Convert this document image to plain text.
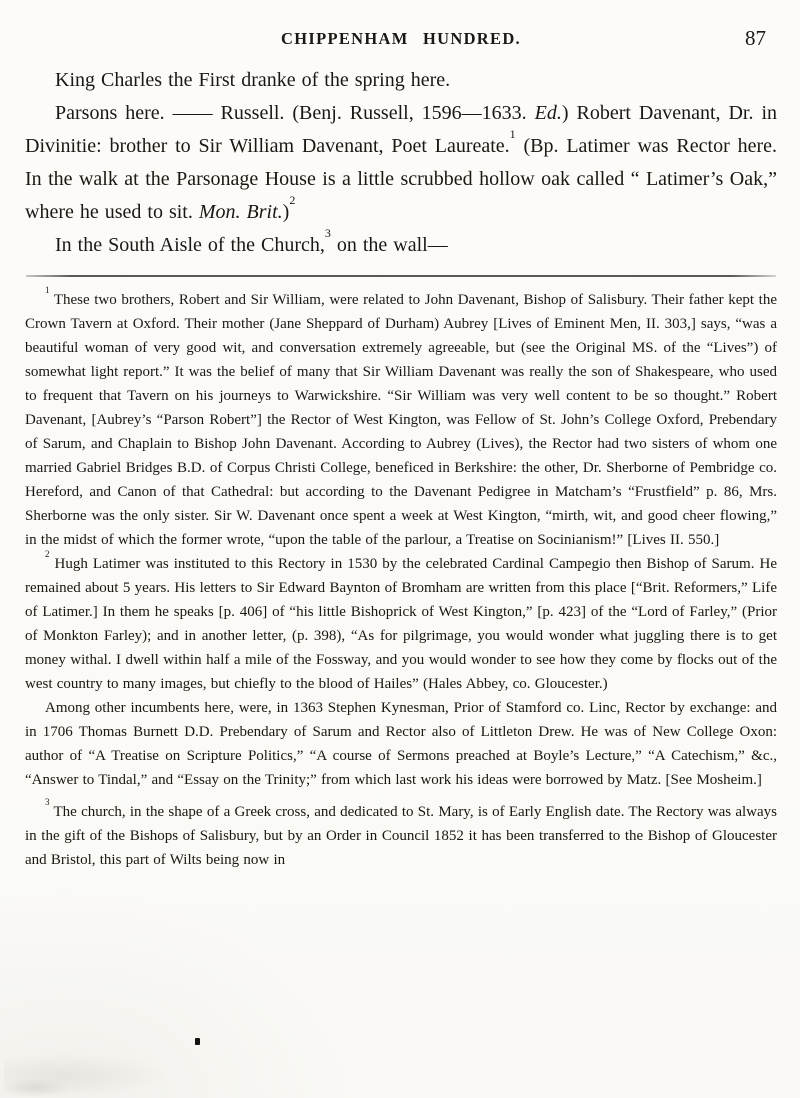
CHIPPENHAM HUNDRED.	87

King Charles the First dranke of the spring here.

Parsons here. —— Russell. (Benj. Russell, 1596—1633. Ed.) Robert Davenant, Dr. in Divinitie: brother to Sir William Davenant, Poet Laureate.$^1$ (Bp. Latimer was Rector here. In the walk at the Parsonage House is a little scrubbed hollow oak called “ Latimer’s Oak,” where he used to sit. Mon. Brit.)$^2$

In the South Aisle of the Church,$^3$ on the wall—

$^1$ These two brothers, Robert and Sir William, were related to John Davenant, Bishop of Salisbury. Their father kept the Crown Tavern at Oxford. Their mother (Jane Sheppard of Durham) Aubrey [Lives of Eminent Men, II. 303,] says, “was a beautiful woman of very good wit, and conversation extremely agreeable, but (see the Original MS. of the “Lives”) of somewhat light report.” It was the belief of many that Sir William Davenant was really the son of Shakespeare, who used to frequent that Tavern on his journeys to Warwickshire. “Sir William was very well content to be so thought.” Robert Davenant, [Aubrey’s “Parson Robert”] the Rector of West Kington, was Fellow of St. John’s College Oxford, Prebendary of Sarum, and Chaplain to Bishop John Davenant. According to Aubrey (Lives), the Rector had two sisters of whom one married Gabriel Bridges B.D. of Corpus Christi College, beneficed in Berkshire: the other, Dr. Sherborne of Pembridge co. Hereford, and Canon of that Cathedral: but according to the Davenant Pedigree in Matcham’s “Frustfield” p. 86, Mrs. Sherborne was the only sister. Sir W. Davenant once spent a week at West Kington, “mirth, wit, and good cheer flowing,” in the midst of which the former wrote, “upon the table of the parlour, a Treatise on Socinianism!” [Lives II. 550.]

$^2$ Hugh Latimer was instituted to this Rectory in 1530 by the celebrated Cardinal Campegio then Bishop of Sarum. He remained about 5 years. His letters to Sir Edward Baynton of Bromham are written from this place [“Brit. Reformers,” Life of Latimer.] In them he speaks [p. 406] of “his little Bishoprick of West Kington,” [p. 423] of the “Lord of Farley,” (Prior of Monkton Farley); and in another letter, (p. 398), “As for pilgrimage, you would wonder what juggling there is to get money withal. I dwell within half a mile of the Fossway, and you would wonder to see how they come by flocks out of the west country to many images, but chiefly to the blood of Hailes” (Hales Abbey, co. Gloucester.)

Among other incumbents here, were, in 1363 Stephen Kynesman, Prior of Stamford co. Linc, Rector by exchange: and in 1706 Thomas Burnett D.D. Prebendary of Sarum and Rector also of Littleton Drew. He was of New College Oxon: author of “A Treatise on Scripture Politics,” “A course of Sermons preached at Boyle’s Lecture,” “A Catechism,” &c., “Answer to Tindal,” and “Essay on the Trinity;” from which last work his ideas were borrowed by Matz. [See Mosheim.]

$^3$ The church, in the shape of a Greek cross, and dedicated to St. Mary, is of Early English date. The Rectory was always in the gift of the Bishops of Salisbury, but by an Order in Council 1852 it has been transferred to the Bishop of Gloucester and Bristol, this part of Wilts being now in
